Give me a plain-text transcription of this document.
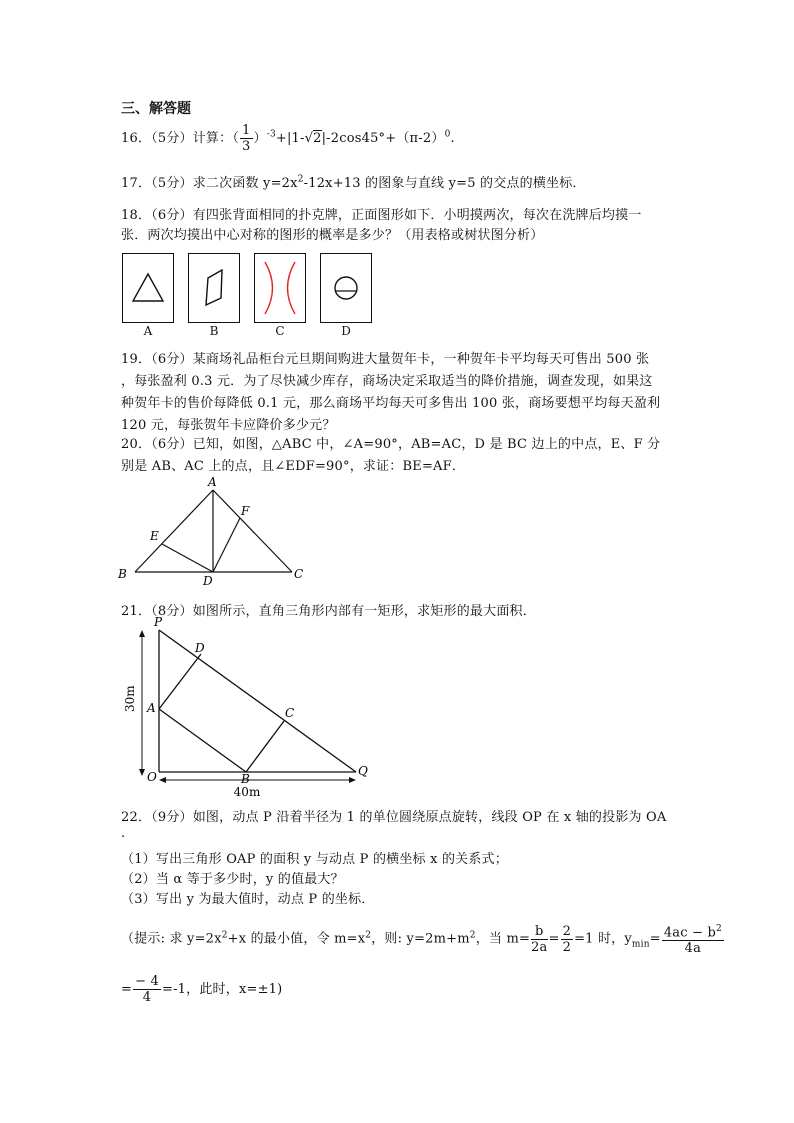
三、解答题
16．（5分）计算：（ $\frac{1}{3} )^{-3}+|1-√2|-2\cos 45^\circ+(\pi-2)^0$.
17．（5分）求二次函数 $y=2x^2-12x+13$ 的图象与直线 y=5 的交点的横坐标．
18．（6分）有四张背面相同的扑克牌，正面图形如下．小明摸两次，每次在洗牌后均摸一
张．两次均摸出中心对称的图形的概率是多少？（用表格或树状图分析）
A	B	C	D
19．（6分）某商场礼品柜台元旦期间购进大量贺年卡，一种贺年卡平均每天可售出 500 张
，每张盈利 0.3 元．为了尽快减少库存，商场决定采取适当的降价措施，调查发现，如果这
种贺年卡的售价每降低 0.1 元，那么商场平均每天可多售出 100 张，商场要想平均每天盈利
120 元，每张贺年卡应降价多少元？
20．（6分）已知，如图，△ABC 中，∠A=90°，AB=AC，D 是 BC 边上的中点，E、F 分
别是 AB、AC 上的点，且∠EDF=90°，求证：BE=AF．
A
B	C
D
E
F
21．（8分）如图所示，直角三角形内部有一矩形，求矩形的最大面积．
30m
40m
P
D
A	C
O	B
Q
22．（9分）如图，动点 P 沿着半径为 1 的单位圆绕原点旋转，线段 OP 在 x 轴的投影为 OA
.
（1）写出三角形 OAP 的面积 y 与动点 P 的横坐标 x 的关系式；
（2）当 α 等于多少时，y 的值最大？
（3）写出 y 为最大值时，动点 P 的坐标．
（提示: 求 $y=2x^2+x$ 的最小值，令 $m=x^2$，则: $y=2m+m^2$，当 $m= \frac{b}{2a} = \frac{2}{2} =1$ 时，$y_{min}= \frac{4ac - b^2}{4a}$
= $\frac{- 4}{4} =-1$，此时，x=±1)
